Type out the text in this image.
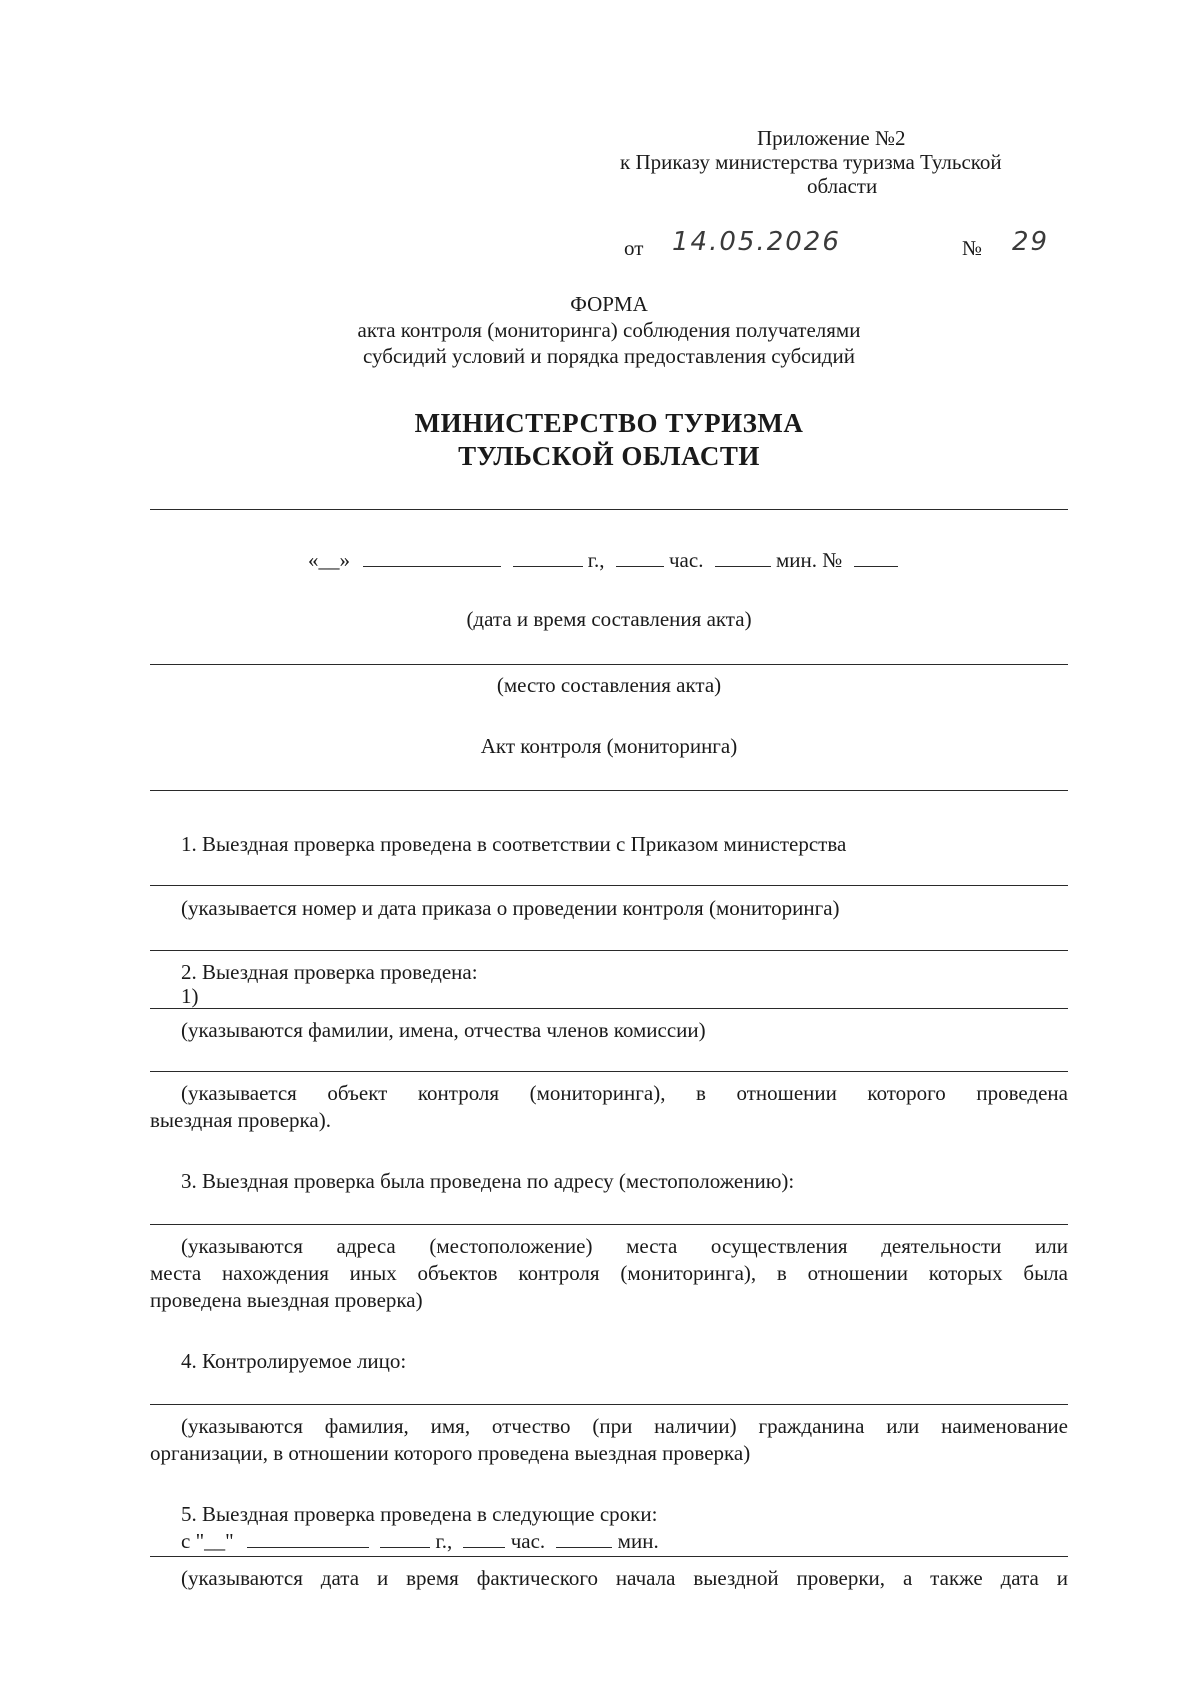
Приложение №2
к Приказу министерства туризма Тульской
области
от 14.05.2026	№ 29
ФОРМА
акта контроля (мониторинга) соблюдения получателями
субсидий условий и порядка предоставления субсидий
МИНИСТЕРСТВО ТУРИЗМА
ТУЛЬСКОЙ ОБЛАСТИ
«__»	г.,	час.	мин. №
(дата и время составления акта)
(место составления акта)
Акт контроля (мониторинга)
1. Выездная проверка проведена в соответствии с Приказом министерства
(указывается номер и дата приказа о проведении контроля (мониторинга)
2. Выездная проверка проведена:
1)
(указываются фамилии, имена, отчества членов комиссии)
(указывается объект контроля (мониторинга), в отношении которого проведена
выездная проверка).
3. Выездная проверка была проведена по адресу (местоположению):
(указываются адреса (местоположение) места осуществления деятельности или
места нахождения иных объектов контроля (мониторинга), в отношении которых была
проведена выездная проверка)
4. Контролируемое лицо:
(указываются фамилия, имя, отчество (при наличии) гражданина или наименование
организации, в отношении которого проведена выездная проверка)
5. Выездная проверка проведена в следующие сроки:
с "__"	г.,	час.	мин.
(указываются дата и время фактического начала выездной проверки, а также дата и
